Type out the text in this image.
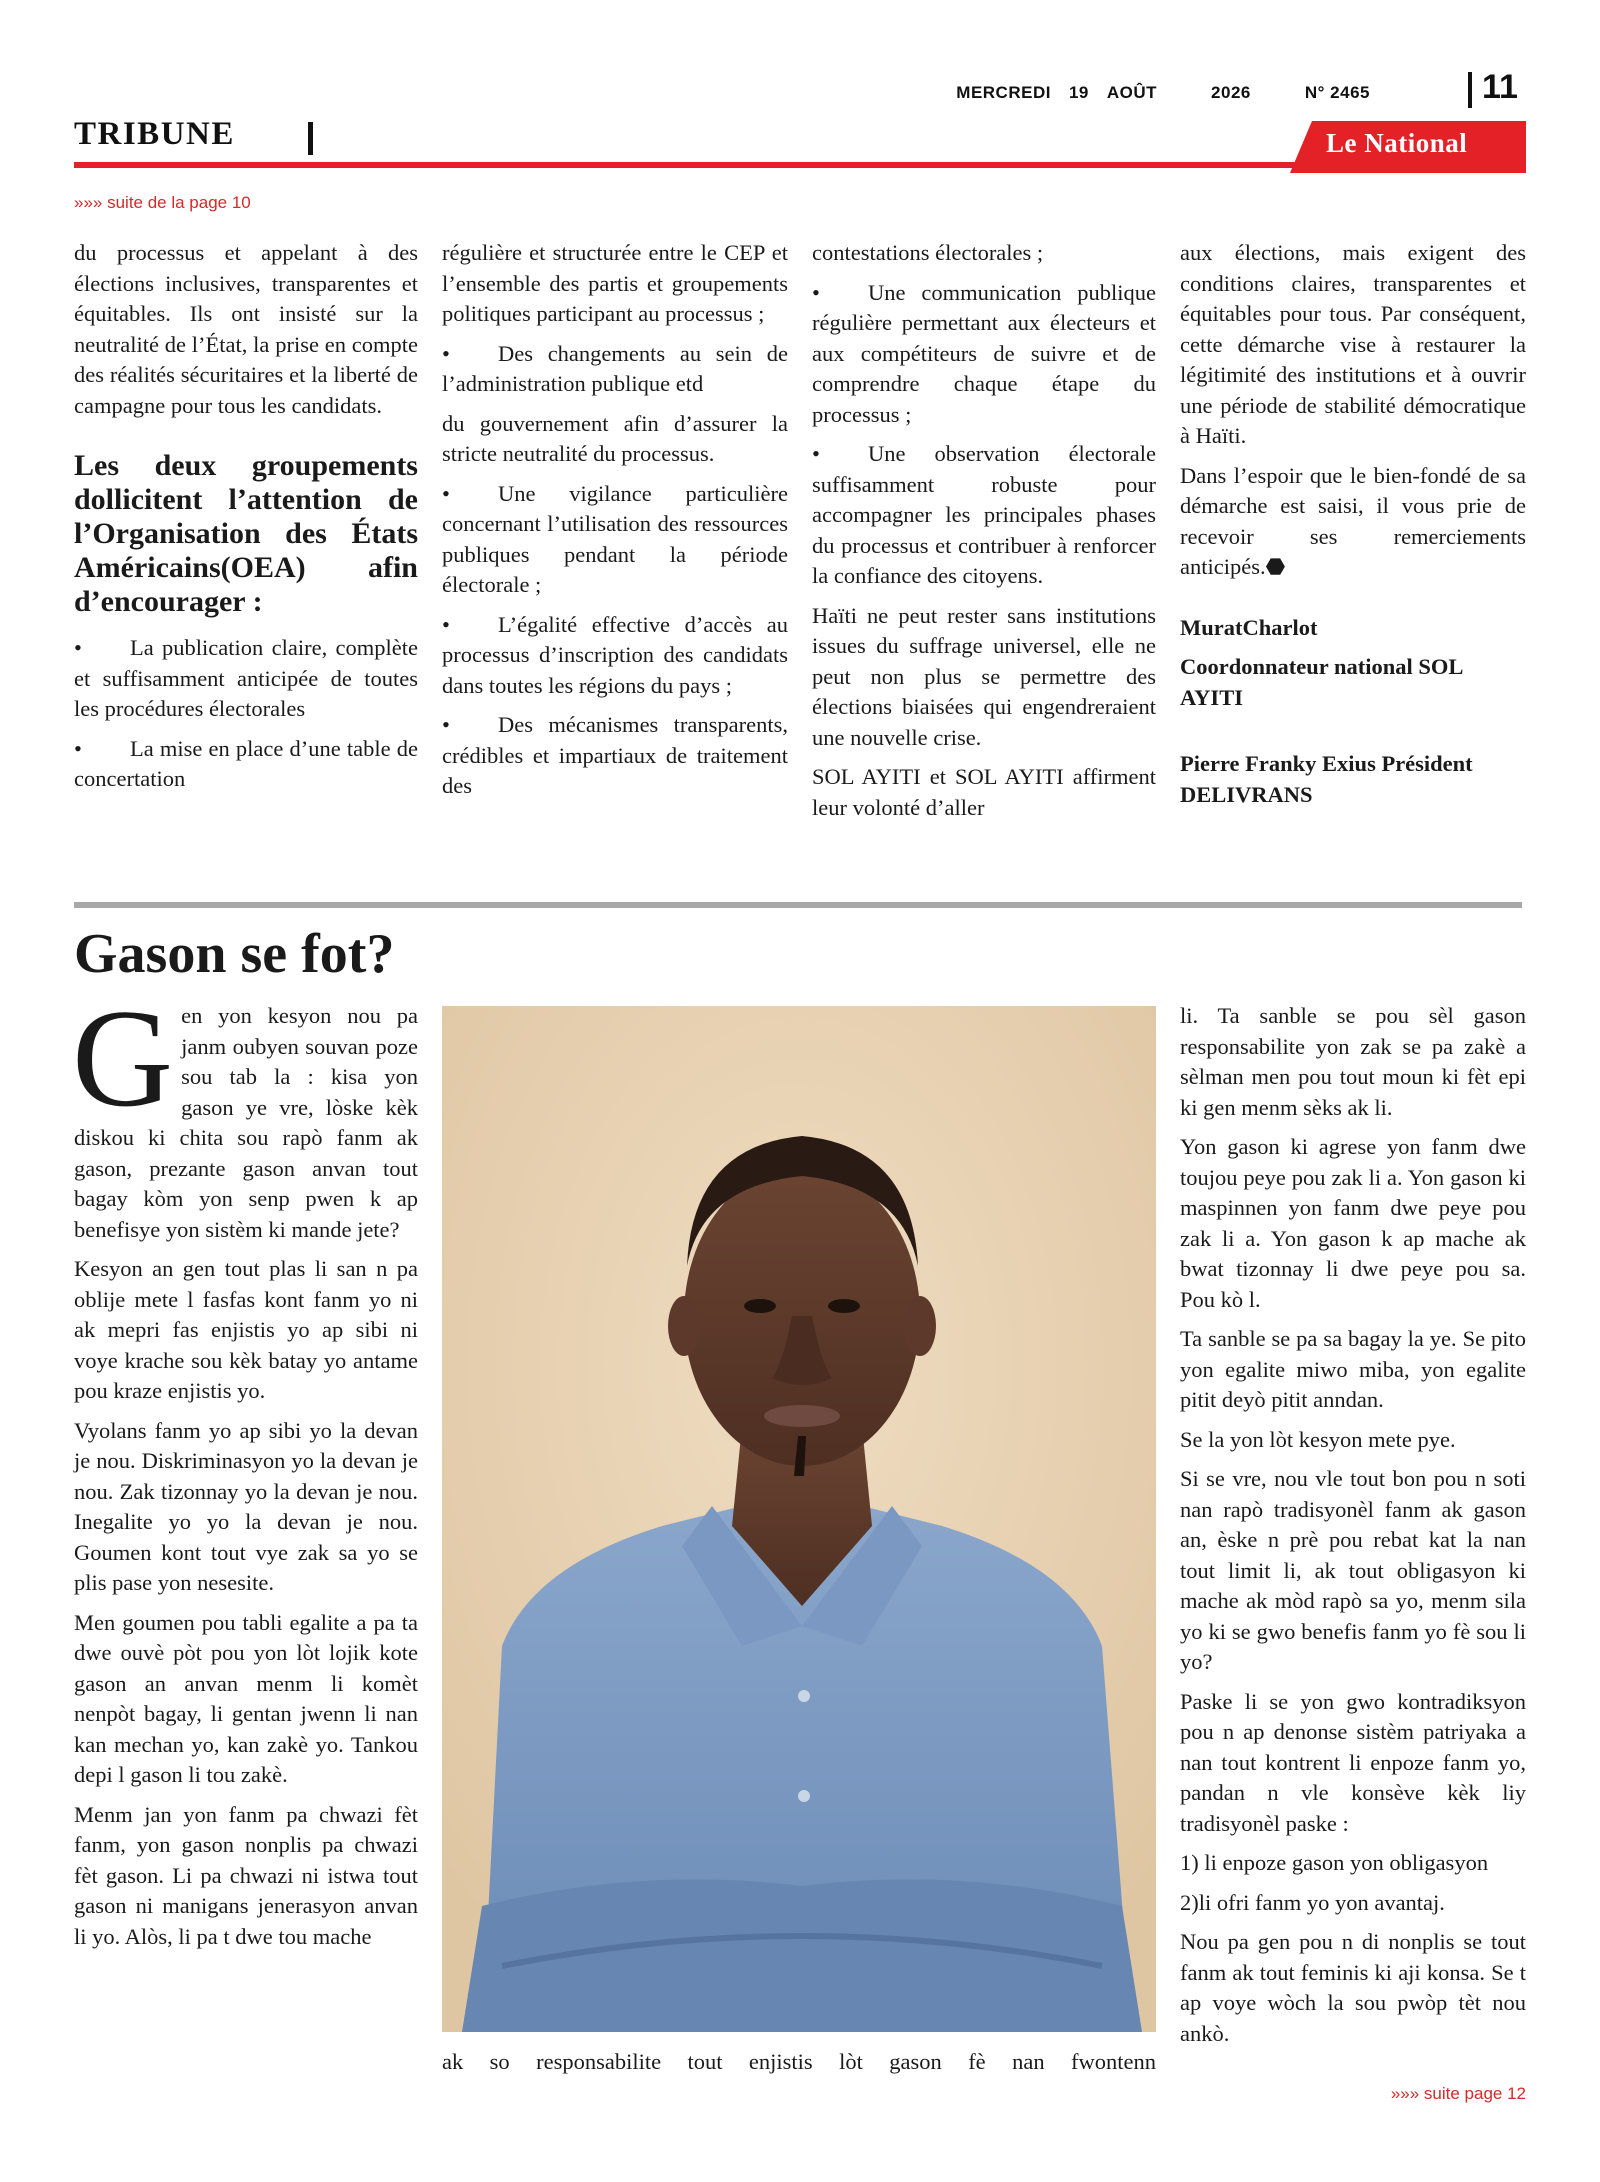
MERCREDI 19 AOÛT	2026	N° 2465	11
TRIBUNE	Le National
»»» suite de la page 10

du processus et appelant à des élections inclusives, transparentes et équitables. Ils ont insisté sur la neutralité de l’État, la prise en compte des réalités sécuritaires et la liberté de campagne pour tous les candidats.

Les deux groupements dollicitent l’attention de l’Organisation des États Américains(OEA) afin d’encourager :

• La publication claire, complète et suffisamment anticipée de toutes les procédures électorales

• La mise en place d’une table de concertation

régulière et structurée entre le CEP et l’ensemble des partis et groupements politiques participant au processus ;

• Des changements au sein de l’administration publique etd

du gouvernement afin d’assurer la stricte neutralité du processus.

• Une vigilance particulière concernant l’utilisation des ressources publiques pendant la période électorale ;

• L’égalité effective d’accès au processus d’inscription des candidats dans toutes les régions du pays ;

• Des mécanismes transparents, crédibles et impartiaux de traitement des

contestations électorales ;

• Une communication publique régulière permettant aux électeurs et aux compétiteurs de suivre et de comprendre chaque étape du processus ;

• Une observation électorale suffisamment robuste pour accompagner les principales phases du processus et contribuer à renforcer la confiance des citoyens.

Haïti ne peut rester sans institutions issues du suffrage universel, elle ne peut non plus se permettre des élections biaisées qui engendreraient une nouvelle crise.

SOL AYITI et SOL AYITI affirment leur volonté d’aller

aux élections, mais exigent des conditions claires, transparentes et équitables pour tous. Par conséquent, cette démarche vise à restaurer la légitimité des institutions et à ouvrir une période de stabilité démocratique à Haïti.

Dans l’espoir que le bien-fondé de sa démarche est saisi, il vous prie de recevoir ses remerciements anticipés.⬣

MuratCharlot

Coordonnateur national SOL AYITI

Pierre Franky Exius Président DELIVRANS

Gason se fot?

Gen yon kesyon nou pa janm oubyen souvan poze sou tab la : kisa yon gason ye vre, lòske kèk diskou ki chita sou rapò fanm ak gason, prezante gason anvan tout bagay kòm yon senp pwen k ap benefisye yon sistèm ki mande jete?

Kesyon an gen tout plas li san n pa oblije mete l fasfas kont fanm yo ni ak mepri fas enjistis yo ap sibi ni voye krache sou kèk batay yo antame pou kraze enjistis yo.

Vyolans fanm yo ap sibi yo la devan je nou. Diskriminasyon yo la devan je nou. Zak tizonnay yo la devan je nou. Inegalite yo yo la devan je nou. Goumen kont tout vye zak sa yo se plis pase yon nesesite.

Men goumen pou tabli egalite a pa ta dwe ouvè pòt pou yon lòt lojik kote gason an anvan menm li komèt nenpòt bagay, li gentan jwenn li nan kan mechan yo, kan zakè yo. Tankou depi l gason li tou zakè.

Menm jan yon fanm pa chwazi fèt fanm, yon gason nonplis pa chwazi fèt gason. Li pa chwazi ni istwa tout gason ni manigans jenerasyon anvan li yo. Alòs, li pa t dwe tou mache

ak so responsabilite tout enjistis lòt gason fè nan fwontenn

li. Ta sanble se pou sèl gason responsabilite yon zak se pa zakè a sèlman men pou tout moun ki fèt epi ki gen menm sèks ak li.

Yon gason ki agrese yon fanm dwe toujou peye pou zak li a. Yon gason ki maspinnen yon fanm dwe peye pou zak li a. Yon gason k ap mache ak bwat tizonnay li dwe peye pou sa. Pou kò l.

Ta sanble se pa sa bagay la ye. Se pito yon egalite miwo miba, yon egalite pitit deyò pitit anndan.

Se la yon lòt kesyon mete pye.

Si se vre, nou vle tout bon pou n soti nan rapò tradisyonèl fanm ak gason an, èske n prè pou rebat kat la nan tout limit li, ak tout obligasyon ki mache ak mòd rapò sa yo, menm sila yo ki se gwo benefis fanm yo fè sou li yo?

Paske li se yon gwo kontradiksyon pou n ap denonse sistèm patriyaka a nan tout kontrent li enpoze fanm yo, pandan n vle konsève kèk liy tradisyonèl paske :

1) li enpoze gason yon obligasyon

2)li ofri fanm yo yon avantaj.

Nou pa gen pou n di nonplis se tout fanm ak tout feminis ki aji konsa. Se t ap voye wòch la sou pwòp tèt nou ankò.

»»» suite page 12
